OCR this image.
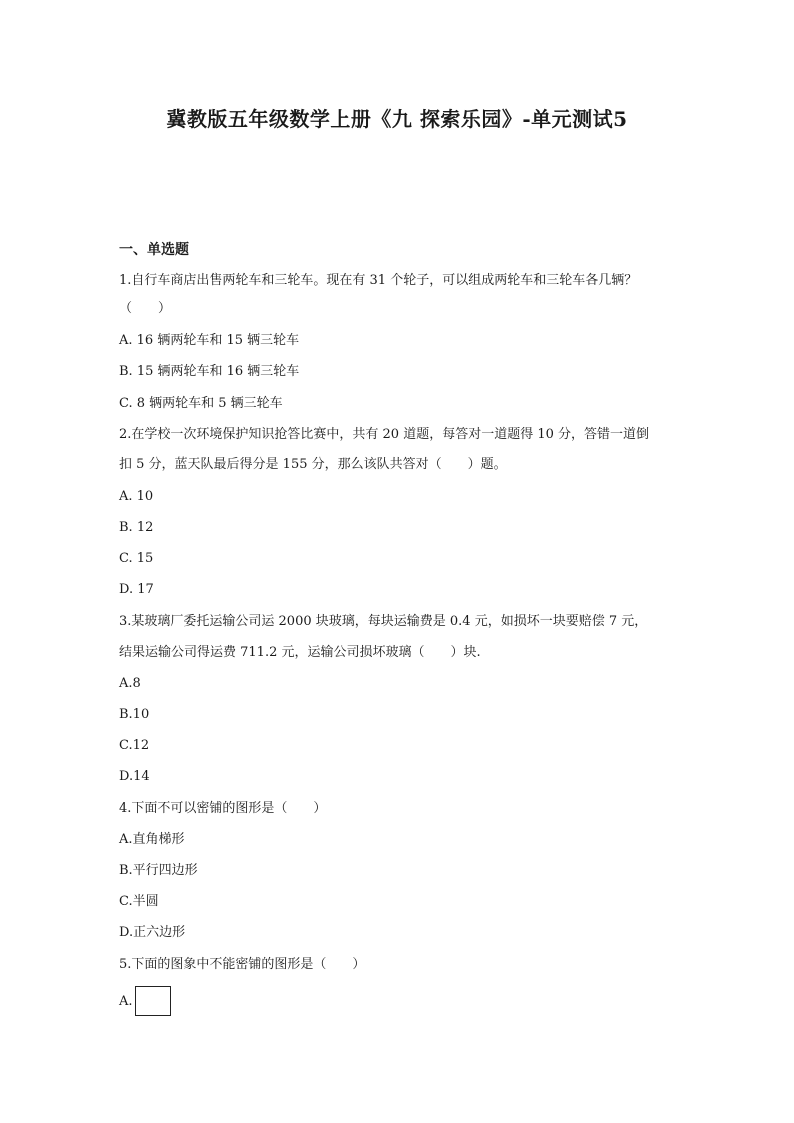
冀教版五年级数学上册《九 探索乐园》-单元测试5
一、单选题
1.自行车商店出售两轮车和三轮车。现在有 31 个轮子，可以组成两轮车和三轮车各几辆？
（　　）
A. 16 辆两轮车和 15 辆三轮车
B. 15 辆两轮车和 16 辆三轮车
C. 8 辆两轮车和 5 辆三轮车
2.在学校一次环境保护知识抢答比赛中，共有 20 道题，每答对一道题得 10 分，答错一道倒
扣 5 分，蓝天队最后得分是 155 分，那么该队共答对（　　）题。
A. 10
B. 12
C. 15
D. 17
3.某玻璃厂委托运输公司运 2000 块玻璃，每块运输费是 0.4 元，如损坏一块要赔偿 7 元，
结果运输公司得运费 711.2 元，运输公司损坏玻璃（　　）块.
A.8
B.10
C.12
D.14
4.下面不可以密铺的图形是（　　）
A.直角梯形
B.平行四边形
C.半圆
D.正六边形
5.下面的图象中不能密铺的图形是（　　）
A.
